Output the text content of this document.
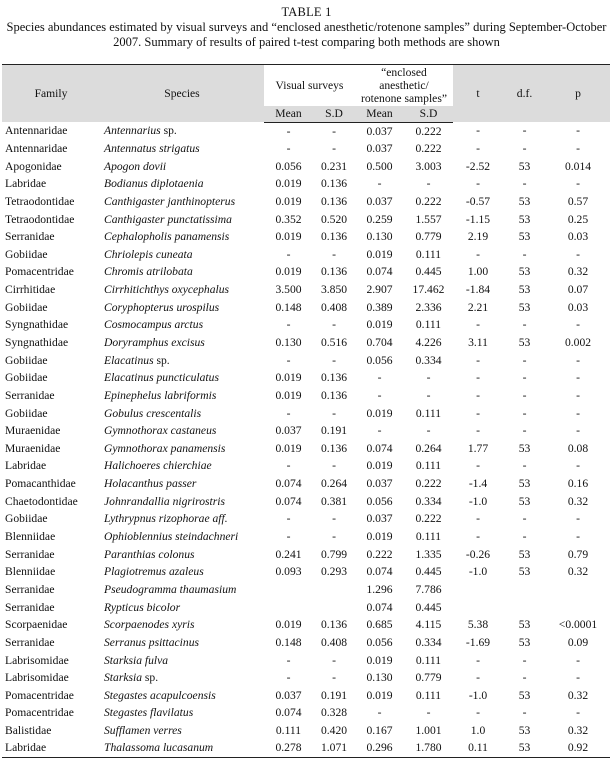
TABLE 1
Species abundances estimated by visual surveys and “enclosed anesthetic/rotenone samples” during September-October 2007. Summary of results of paired t-test comparing both methods are shown
Family	Species	Visual surveys		“enclosed anesthetic/
rotenone samples”		t	d.f.	p
		Mean	S.D	Mean	S.D			
Antennaridae	Antennarius sp.	-	-	0.037	0.222	-	-	-
Antennaridae	Antennatus strigatus	-	-	0.037	0.222	-	-	-
Apogonidae	Apogon dovii	0.056	0.231	0.500	3.003	-2.52	53	0.014
Labridae	Bodianus diplotaenia	0.019	0.136	-	-	-	-	-
Tetraodontidae	Canthigaster janthinopterus	0.019	0.136	0.037	0.222	-0.57	53	0.57
Tetraodontidae	Canthigaster punctatissima	0.352	0.520	0.259	1.557	-1.15	53	0.25
Serranidae	Cephalopholis panamensis	0.019	0.136	0.130	0.779	2.19	53	0.03
Gobiidae	Chriolepis cuneata	-	-	0.019	0.111	-	-	-
Pomacentridae	Chromis atrilobata	0.019	0.136	0.074	0.445	1.00	53	0.32
Cirrhitidae	Cirrhitichthys oxycephalus	3.500	3.850	2.907	17.462	-1.84	53	0.07
Gobiidae	Coryphopterus urospilus	0.148	0.408	0.389	2.336	2.21	53	0.03
Syngnathidae	Cosmocampus arctus	-	-	0.019	0.111	-	-	-
Syngnathidae	Doryramphus excisus	0.130	0.516	0.704	4.226	3.11	53	0.002
Gobiidae	Elacatinus sp.	-	-	0.056	0.334	-	-	-
Gobiidae	Elacatinus puncticulatus	0.019	0.136	-	-	-	-	-
Serranidae	Epinephelus labriformis	0.019	0.136	-	-	-	-	-
Gobiidae	Gobulus crescentalis	-	-	0.019	0.111	-	-	-
Muraenidae	Gymnothorax castaneus	0.037	0.191	-	-	-	-	-
Muraenidae	Gymnothorax panamensis	0.019	0.136	0.074	0.264	1.77	53	0.08
Labridae	Halichoeres chierchiae	-	-	0.019	0.111	-	-	-
Pomacanthidae	Holacanthus passer	0.074	0.264	0.037	0.222	-1.4	53	0.16
Chaetodontidae	Johnrandallia nigrirostris	0.074	0.381	0.056	0.334	-1.0	53	0.32
Gobiidae	Lythrypnus rizophorae aff.	-	-	0.037	0.222	-	-	-
Blenniidae	Ophioblennius steindachneri	-	-	0.019	0.111	-	-	-
Serranidae	Paranthias colonus	0.241	0.799	0.222	1.335	-0.26	53	0.79
Blenniidae	Plagiotremus azaleus	0.093	0.293	0.074	0.445	-1.0	53	0.32
Serranidae	Pseudogramma thaumasium			1.296	7.786			
Serranidae	Rypticus bicolor			0.074	0.445			
Scorpaenidae	Scorpaenodes xyris	0.019	0.136	0.685	4.115	5.38	53	<0.0001
Serranidae	Serranus psittacinus	0.148	0.408	0.056	0.334	-1.69	53	0.09
Labrisomidae	Starksia fulva	-	-	0.019	0.111	-	-	-
Labrisomidae	Starksia sp.	-	-	0.130	0.779	-	-	-
Pomacentridae	Stegastes acapulcoensis	0.037	0.191	0.019	0.111	-1.0	53	0.32
Pomacentridae	Stegastes flavilatus	0.074	0.328	-	-	-	-	-
Balistidae	Sufflamen verres	0.111	0.420	0.167	1.001	1.0	53	0.32
Labridae	Thalassoma lucasanum	0.278	1.071	0.296	1.780	0.11	53	0.92
